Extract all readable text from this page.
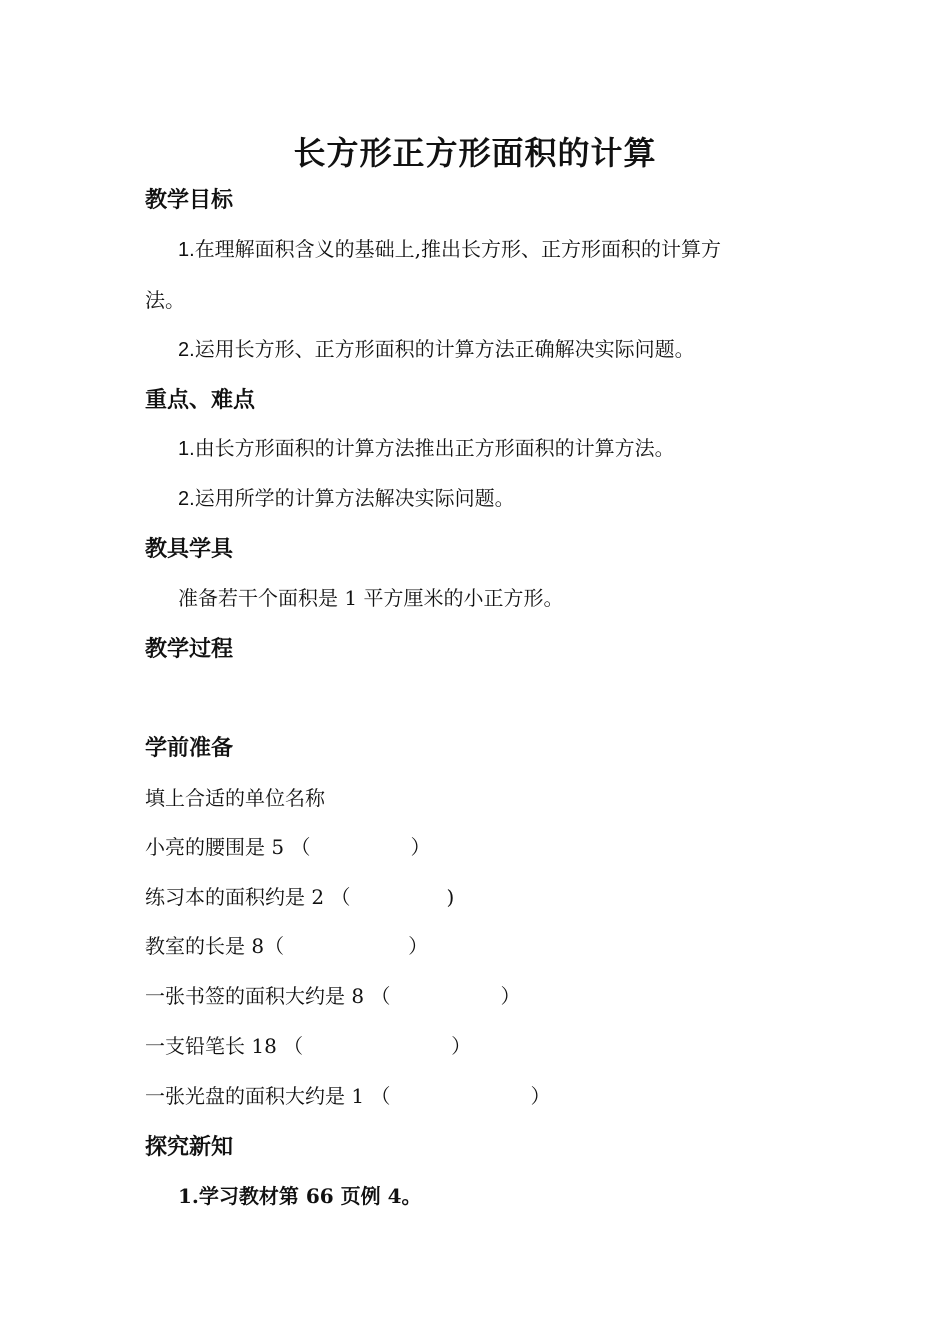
长方形正方形面积的计算
教学目标
1.在理解面积含义的基础上,推出长方形、正方形面积的计算方
法。
2.运用长方形、正方形面积的计算方法正确解决实际问题。
重点、难点
1.由长方形面积的计算方法推出正方形面积的计算方法。
2.运用所学的计算方法解决实际问题。
教具学具
准备若干个面积是 1 平方厘米的小正方形。
教学过程
学前准备
填上合适的单位名称
小亮的腰围是 5 （	）
练习本的面积约是 2 （	)
教室的长是 8（	）
一张书签的面积大约是 8 （	）
一支铅笔长 18 （	）
一张光盘的面积大约是 1 （	）
探究新知
1.学习教材第 66 页例 4。
